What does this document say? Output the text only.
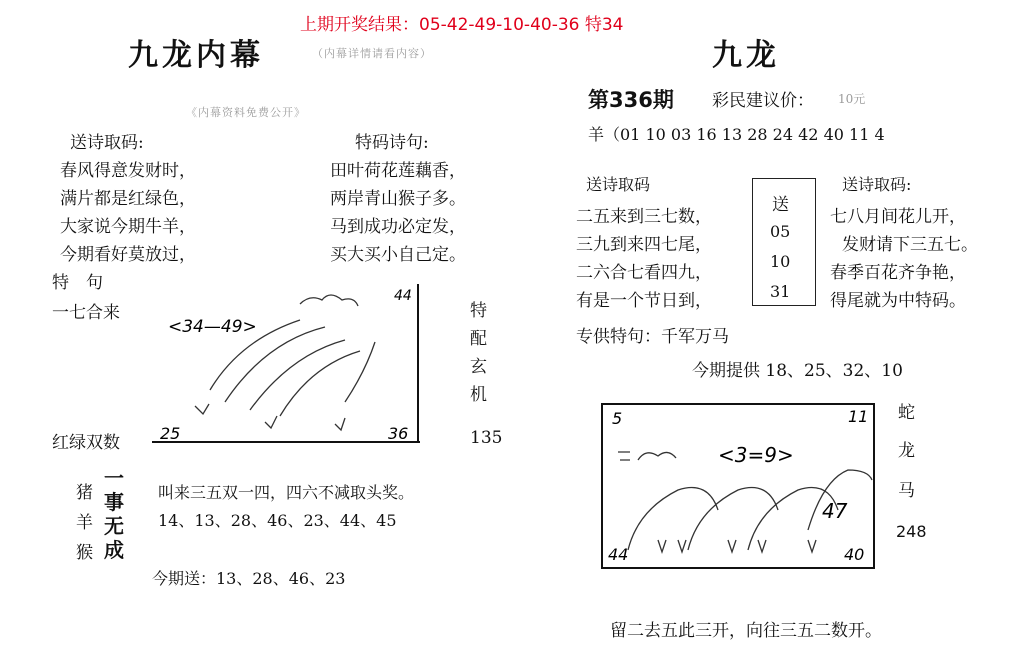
上期开奖结果：05-42-49-10-40-36 特34
九龙内幕	（内幕详情请看内容）
《内幕资料免费公开》
送诗取码:
春风得意发财时，
满片都是红绿色，
大家说今期牛羊，
今期看好莫放过，
特码诗句:
田叶荷花莲藕香，
两岸青山猴子多。
马到成功必定发，
买大买小自己定。
特　句
一七合来
红绿双数
<34—49>
25	36
44
特
配
玄
机
135
猪
羊
猴
一
事
无
成
叫来三五双一四，四六不减取头奖。
14、13、28、46、23、44、45
今期送：13、28、46、23
九龙
第336期 彩民建议价： 10元
羊（01 10 03 16 13 28 24 42 40 11 4
送诗取码
二五来到三七数，
三九到来四七尾，
二六合七看四九，
有是一个节日到，
送
05
10
31
送诗取码:
七八月间花儿开，
发财请下三五七。
春季百花齐争艳，
得尾就为中特码。
专供特句：千军万马
今期提供 18、25、32、10
5	11
<3=9>
44
47
40
蛇
龙
马
248
留二去五此三开，向往三五二数开。
